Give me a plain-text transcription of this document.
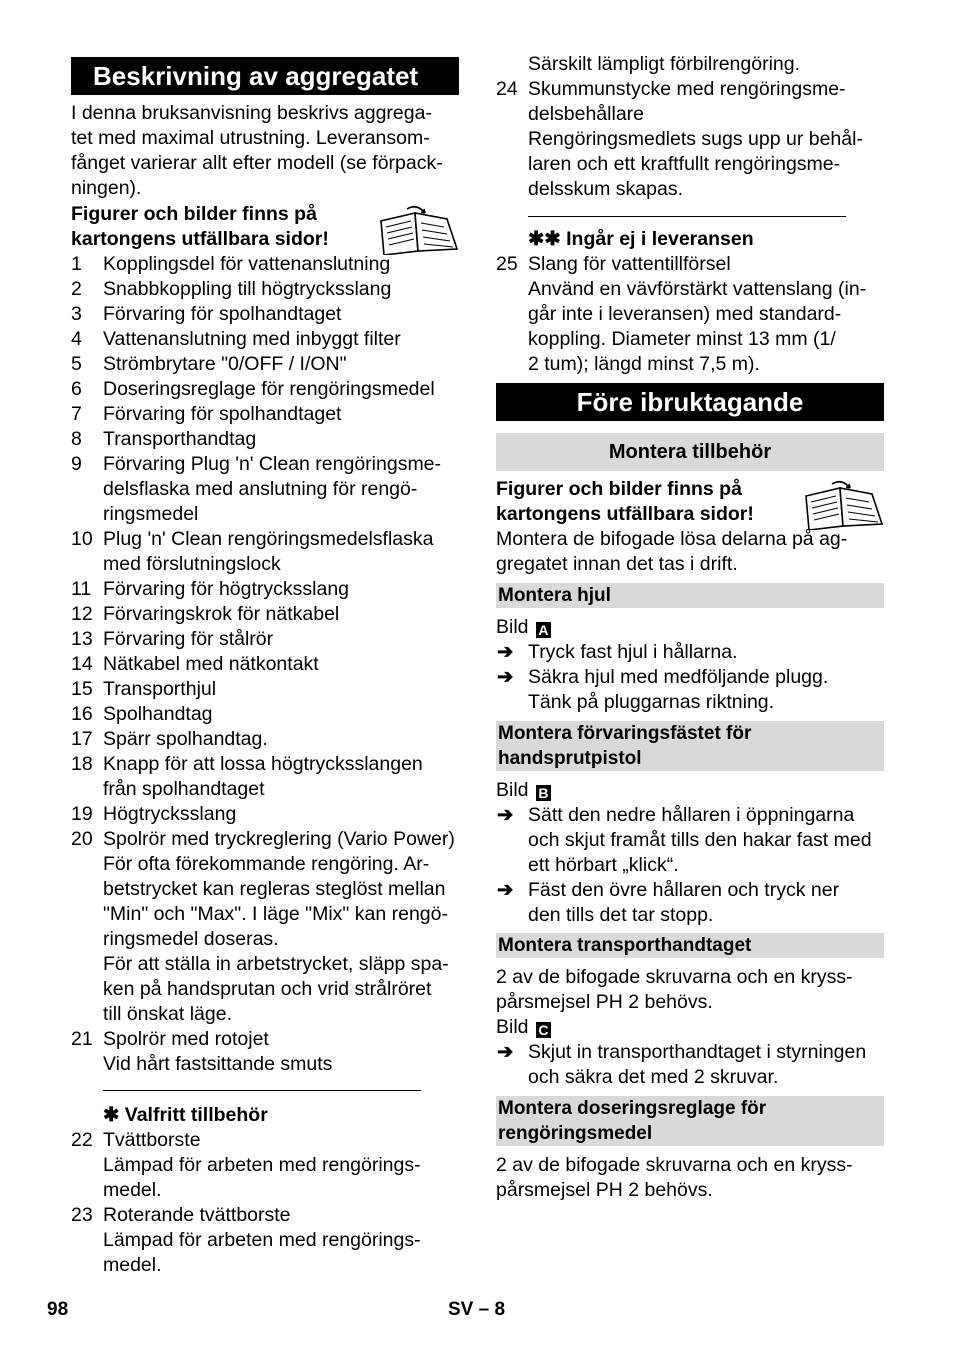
Beskrivning av aggregatet
I denna bruksanvisning beskrivs aggrega-
tet med maximal utrustning. Leveransom-
fånget varierar allt efter modell (se förpack-
ningen).
Figurer och bilder finns på
kartongens utfällbara sidor!
1	Kopplingsdel för vattenanslutning
2	Snabbkoppling till högtrycksslang
3	Förvaring för spolhandtaget
4	Vattenanslutning med inbyggt filter
5	Strömbrytare "0/OFF / I/ON"
6	Doseringsreglage för rengöringsmedel
7	Förvaring för spolhandtaget
8	Transporthandtag
9	Förvaring Plug 'n' Clean rengöringsme-
delsflaska med anslutning för rengö-
ringsmedel
10 Plug 'n' Clean rengöringsmedelsflaska
med förslutningslock
11 Förvaring för högtrycksslang
12 Förvaringskrok för nätkabel
13 Förvaring för stålrör
14 Nätkabel med nätkontakt
15 Transporthjul
16 Spolhandtag
17 Spärr spolhandtag.
18 Knapp för att lossa högtrycksslangen
från spolhandtaget
19 Högtrycksslang
20 Spolrör med tryckreglering (Vario Power)
För ofta förekommande rengöring. Ar-
betstrycket kan regleras steglöst mellan
"Min" och "Max". I läge "Mix" kan rengö-
ringsmedel doseras.
För att ställa in arbetstrycket, släpp spa-
ken på handsprutan och vrid strålröret
till önskat läge.
21 Spolrör med rotojet
Vid hårt fastsittande smuts
✱ Valfritt tillbehör
22 Tvättborste
Lämpad för arbeten med rengörings-
medel.
23 Roterande tvättborste
Lämpad för arbeten med rengörings-
medel.
Särskilt lämpligt förbilrengöring.
24 Skummunstycke med rengöringsme-
delsbehållare
Rengöringsmedlets sugs upp ur behål-
laren och ett kraftfullt rengöringsme-
delsskum skapas.
✱✱ Ingår ej i leveransen
25 Slang för vattentillförsel
Använd en vävförstärkt vattenslang (in-
går inte i leveransen) med standard-
koppling. Diameter minst 13 mm (1/
2 tum); längd minst 7,5 m).
Före ibruktagande
Montera tillbehör
Figurer och bilder finns på
kartongens utfällbara sidor!
Montera de bifogade lösa delarna på ag-
gregatet innan det tas i drift.
Montera hjul
Bild A
➔ Tryck fast hjul i hållarna.
➔ Säkra hjul med medföljande plugg.
Tänk på pluggarnas riktning.
Montera förvaringsfästet för
handsprutpistol
Bild B
➔ Sätt den nedre hållaren i öppningarna
och skjut framåt tills den hakar fast med
ett hörbart „klick“.
➔ Fäst den övre hållaren och tryck ner
den tills det tar stopp.
Montera transporthandtaget
2 av de bifogade skruvarna och en kryss-
pårsmejsel PH 2 behövs.
Bild C
➔ Skjut in transporthandtaget i styrningen
och säkra det med 2 skruvar.
Montera doseringsreglage för
rengöringsmedel
2 av de bifogade skruvarna och en kryss-
pårsmejsel PH 2 behövs.
98	SV – 8
